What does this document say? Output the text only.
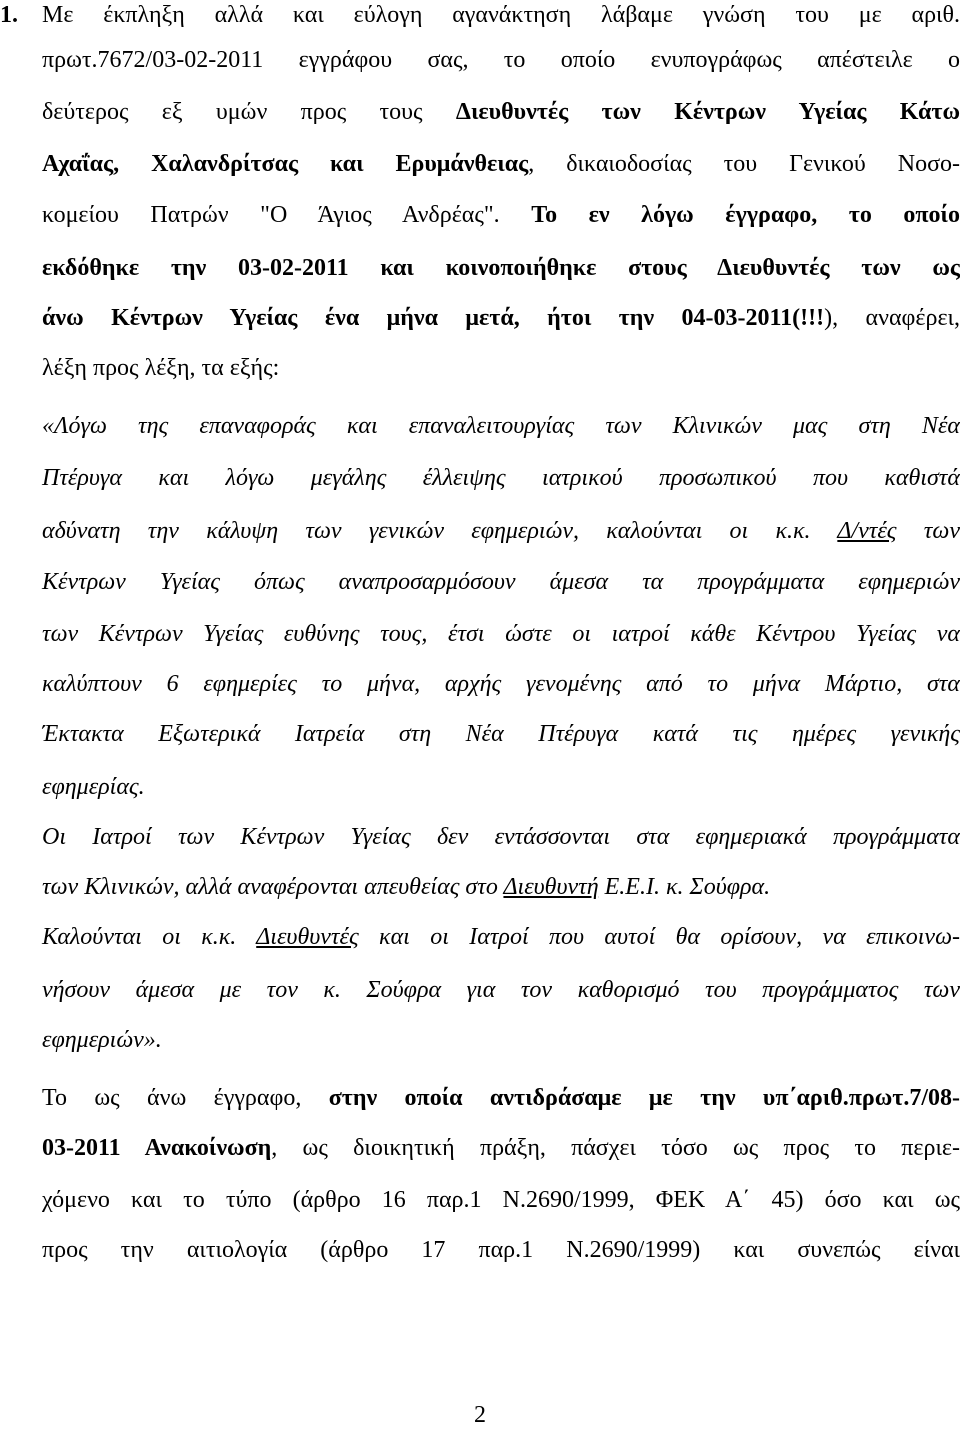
1. Με έκπληξη αλλά και εύλογη αγανάκτηση λάβαμε γνώση του με αριθ.
πρωτ.7672/03-02-2011 εγγράφου σας, το οποίο ενυπογράφως απέστειλε ο
δεύτερος εξ υμών προς τους Διευθυντές των Κέντρων Υγείας Κάτω
Αχαΐας, Χαλανδρίτσας και Ερυμάνθειας, δικαιοδοσίας του Γενικού Νοσο-
κομείου Πατρών "Ο Άγιος Ανδρέας". Το εν λόγω έγγραφο, το οποίο
εκδόθηκε την 03-02-2011 και κοινοποιήθηκε στους Διευθυντές των ως
άνω Κέντρων Υγείας ένα μήνα μετά, ήτοι την 04-03-2011(!!!), αναφέρει,
λέξη προς λέξη, τα εξής:
«Λόγω της επαναφοράς και επαναλειτουργίας των Κλινικών μας στη Νέα
Πτέρυγα και λόγω μεγάλης έλλειψης ιατρικού προσωπικού που καθιστά
αδύνατη την κάλυψη των γενικών εφημεριών, καλούνται οι κ.κ. Δ/ντές των
Κέντρων Υγείας όπως αναπροσαρμόσουν άμεσα τα προγράμματα εφημεριών
των Κέντρων Υγείας ευθύνης τους, έτσι ώστε οι ιατροί κάθε Κέντρου Υγείας να
καλύπτουν 6 εφημερίες το μήνα, αρχής γενομένης από το μήνα Μάρτιο, στα
Έκτακτα Εξωτερικά Ιατρεία στη Νέα Πτέρυγα κατά τις ημέρες γενικής
εφημερίας.
Οι Ιατροί των Κέντρων Υγείας δεν εντάσσονται στα εφημεριακά προγράμματα
των Κλινικών, αλλά αναφέρονται απευθείας στο Διευθυντή Ε.Ε.Ι. κ. Σούφρα.
Καλούνται οι κ.κ. Διευθυντές και οι Ιατροί που αυτοί θα ορίσουν, να επικοινω-
νήσουν άμεσα με τον κ. Σούφρα για τον καθορισμό του προγράμματος των
εφημεριών».
Το ως άνω έγγραφο, στην οποία αντιδράσαμε με την υπ΄αριθ.πρωτ.7/08-
03-2011 Ανακοίνωση, ως διοικητική πράξη, πάσχει τόσο ως προς το περιε-
χόμενο και το τύπο (άρθρο 16 παρ.1 Ν.2690/1999, ΦΕΚ Α΄ 45) όσο και ως
προς την αιτιολογία (άρθρο 17 παρ.1 Ν.2690/1999) και συνεπώς είναι
2
